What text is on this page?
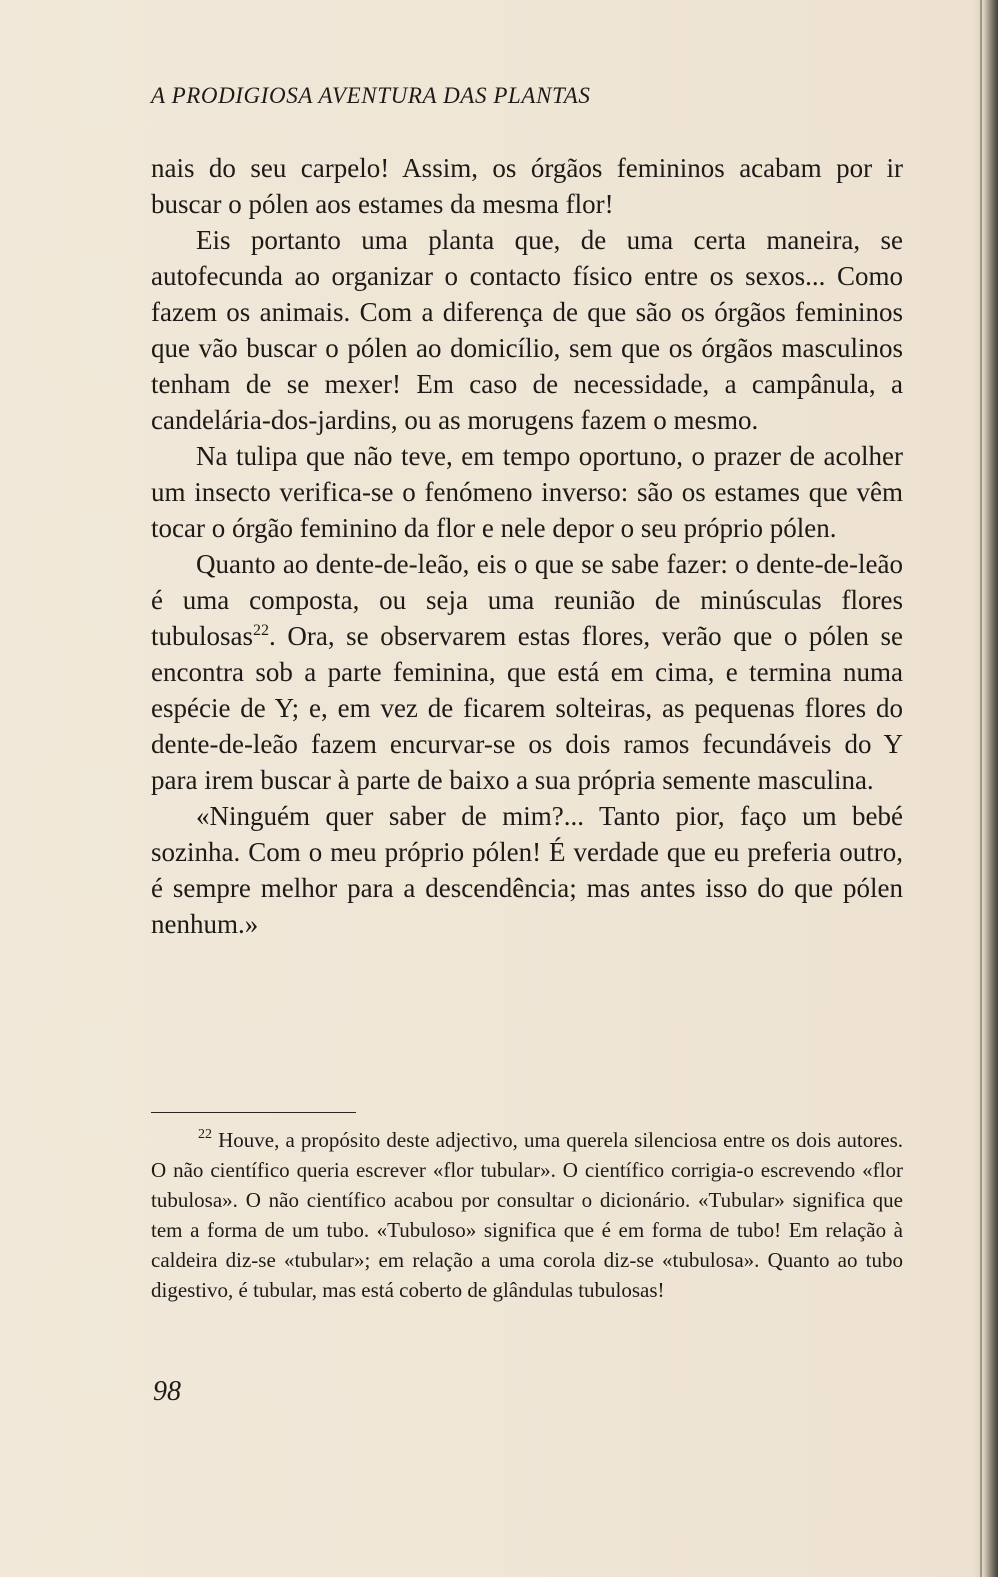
A PRODIGIOSA AVENTURA DAS PLANTAS

nais do seu carpelo! Assim, os órgãos femininos acabam por ir buscar o pólen aos estames da mesma flor!

Eis portanto uma planta que, de uma certa maneira, se autofecunda ao organizar o contacto físico entre os sexos... Como fazem os animais. Com a diferença de que são os órgãos femininos que vão buscar o pólen ao domicílio, sem que os órgãos masculinos tenham de se mexer! Em caso de necessidade, a campânula, a candelária-dos-jardins, ou as morugens fazem o mesmo.

Na tulipa que não teve, em tempo oportuno, o prazer de acolher um insecto verifica-se o fenómeno inverso: são os estames que vêm tocar o órgão feminino da flor e nele depor o seu próprio pólen.

Quanto ao dente-de-leão, eis o que se sabe fazer: o dente-de-leão é uma composta, ou seja uma reunião de minúsculas flores tubulosas$^{22}$. Ora, se observarem estas flores, verão que o pólen se encontra sob a parte feminina, que está em cima, e termina numa espécie de Y; e, em vez de ficarem solteiras, as pequenas flores do dente-de-leão fazem encurvar-se os dois ramos fecundáveis do Y para irem buscar à parte de baixo a sua própria semente masculina.

«Ninguém quer saber de mim?... Tanto pior, faço um bebé sozinha. Com o meu próprio pólen! É verdade que eu preferia outro, é sempre melhor para a descendência; mas antes isso do que pólen nenhum.»

$^{22}$ Houve, a propósito deste adjectivo, uma querela silenciosa entre os dois autores. O não científico queria escrever «flor tubular». O científico corrigia-o escrevendo «flor tubulosa». O não científico acabou por consultar o dicionário. «Tubular» significa que tem a forma de um tubo. «Tubuloso» significa que é em forma de tubo! Em relação à caldeira diz-se «tubular»; em relação a uma corola diz-se «tubulosa». Quanto ao tubo digestivo, é tubular, mas está coberto de glândulas tubulosas!

98
